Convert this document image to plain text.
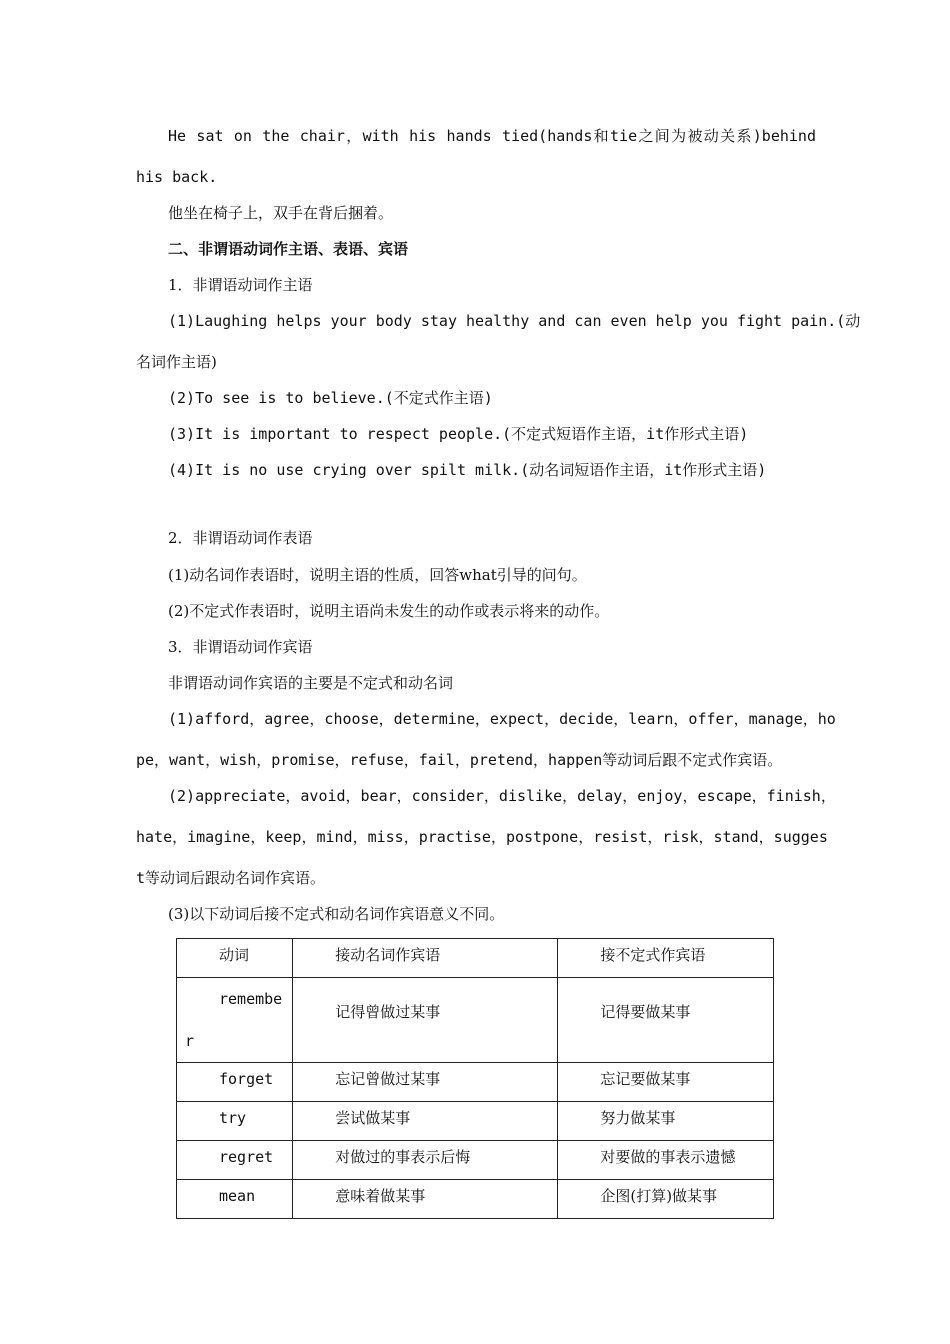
He sat on the chair，with his hands tied(hands和tie之间为被动关系)behind
his back.
他坐在椅子上，双手在背后捆着。
二、非谓语动词作主语、表语、宾语
1．非谓语动词作主语
(1)Laughing helps your body stay healthy and can even help you fight pain.(动
名词作主语)
(2)To see is to believe.(不定式作主语)
(3)It is important to respect people.(不定式短语作主语，it作形式主语)
(4)It is no use crying over spilt milk.(动名词短语作主语，it作形式主语)
2．非谓语动词作表语
(1)动名词作表语时，说明主语的性质，回答what引导的问句。
(2)不定式作表语时，说明主语尚未发生的动作或表示将来的动作。
3．非谓语动词作宾语
非谓语动词作宾语的主要是不定式和动名词
(1)afford，agree，choose，determine，expect，decide，learn，offer，manage，ho
pe，want，wish，promise，refuse，fail，pretend，happen等动词后跟不定式作宾语。
(2)appreciate，avoid，bear，consider，dislike，delay，enjoy，escape，finish，
hate，imagine，keep，mind，miss，practise，postpone，resist，risk，stand，sugges
t等动词后跟动名词作宾语。
(3)以下动词后接不定式和动名词作宾语意义不同。
动词	接动名词作宾语	接不定式作宾语

remembe
r	记得曾做过某事	记得要做某事

forget	忘记曾做过某事	忘记要做某事

try	尝试做某事	努力做某事

regret	对做过的事表示后悔	对要做的事表示遗憾

mean	意味着做某事	企图(打算)做某事
